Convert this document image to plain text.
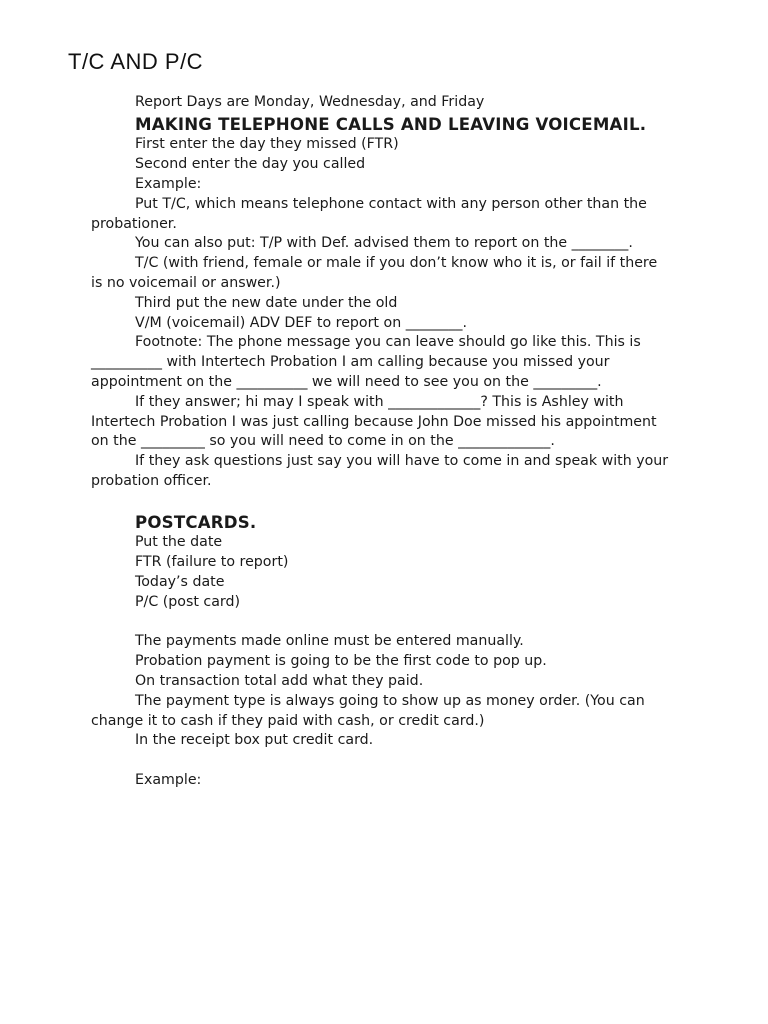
T/C AND P/C

Report Days are Monday, Wednesday, and Friday

MAKING TELEPHONE CALLS AND LEAVING VOICEMAIL.

First enter the day they missed (FTR)

Second enter the day you called

Example:

Put T/C, which means telephone contact with any person other than the probationer.

You can also put: T/P with Def. advised them to report on the ________.

T/C (with friend, female or male if you don’t know who it is, or fail if there is no voicemail or answer.)

Third put the new date under the old

V/M (voicemail) ADV DEF to report on ________.

Footnote: The phone message you can leave should go like this. This is __________ with Intertech Probation I am calling because you missed your appointment on the __________ we will need to see you on the _________.

If they answer; hi may I speak with _____________? This is Ashley with Intertech Probation I was just calling because John Doe missed his appointment on the _________ so you will need to come in on the _____________.

If they ask questions just say you will have to come in and speak with your probation officer.

POSTCARDS.

Put the date

FTR (failure to report)

Today’s date

P/C (post card)

The payments made online must be entered manually.

Probation payment is going to be the first code to pop up.

On transaction total add what they paid.

The payment type is always going to show up as money order. (You can change it to cash if they paid with cash, or credit card.)

In the receipt box put credit card.

Example:
